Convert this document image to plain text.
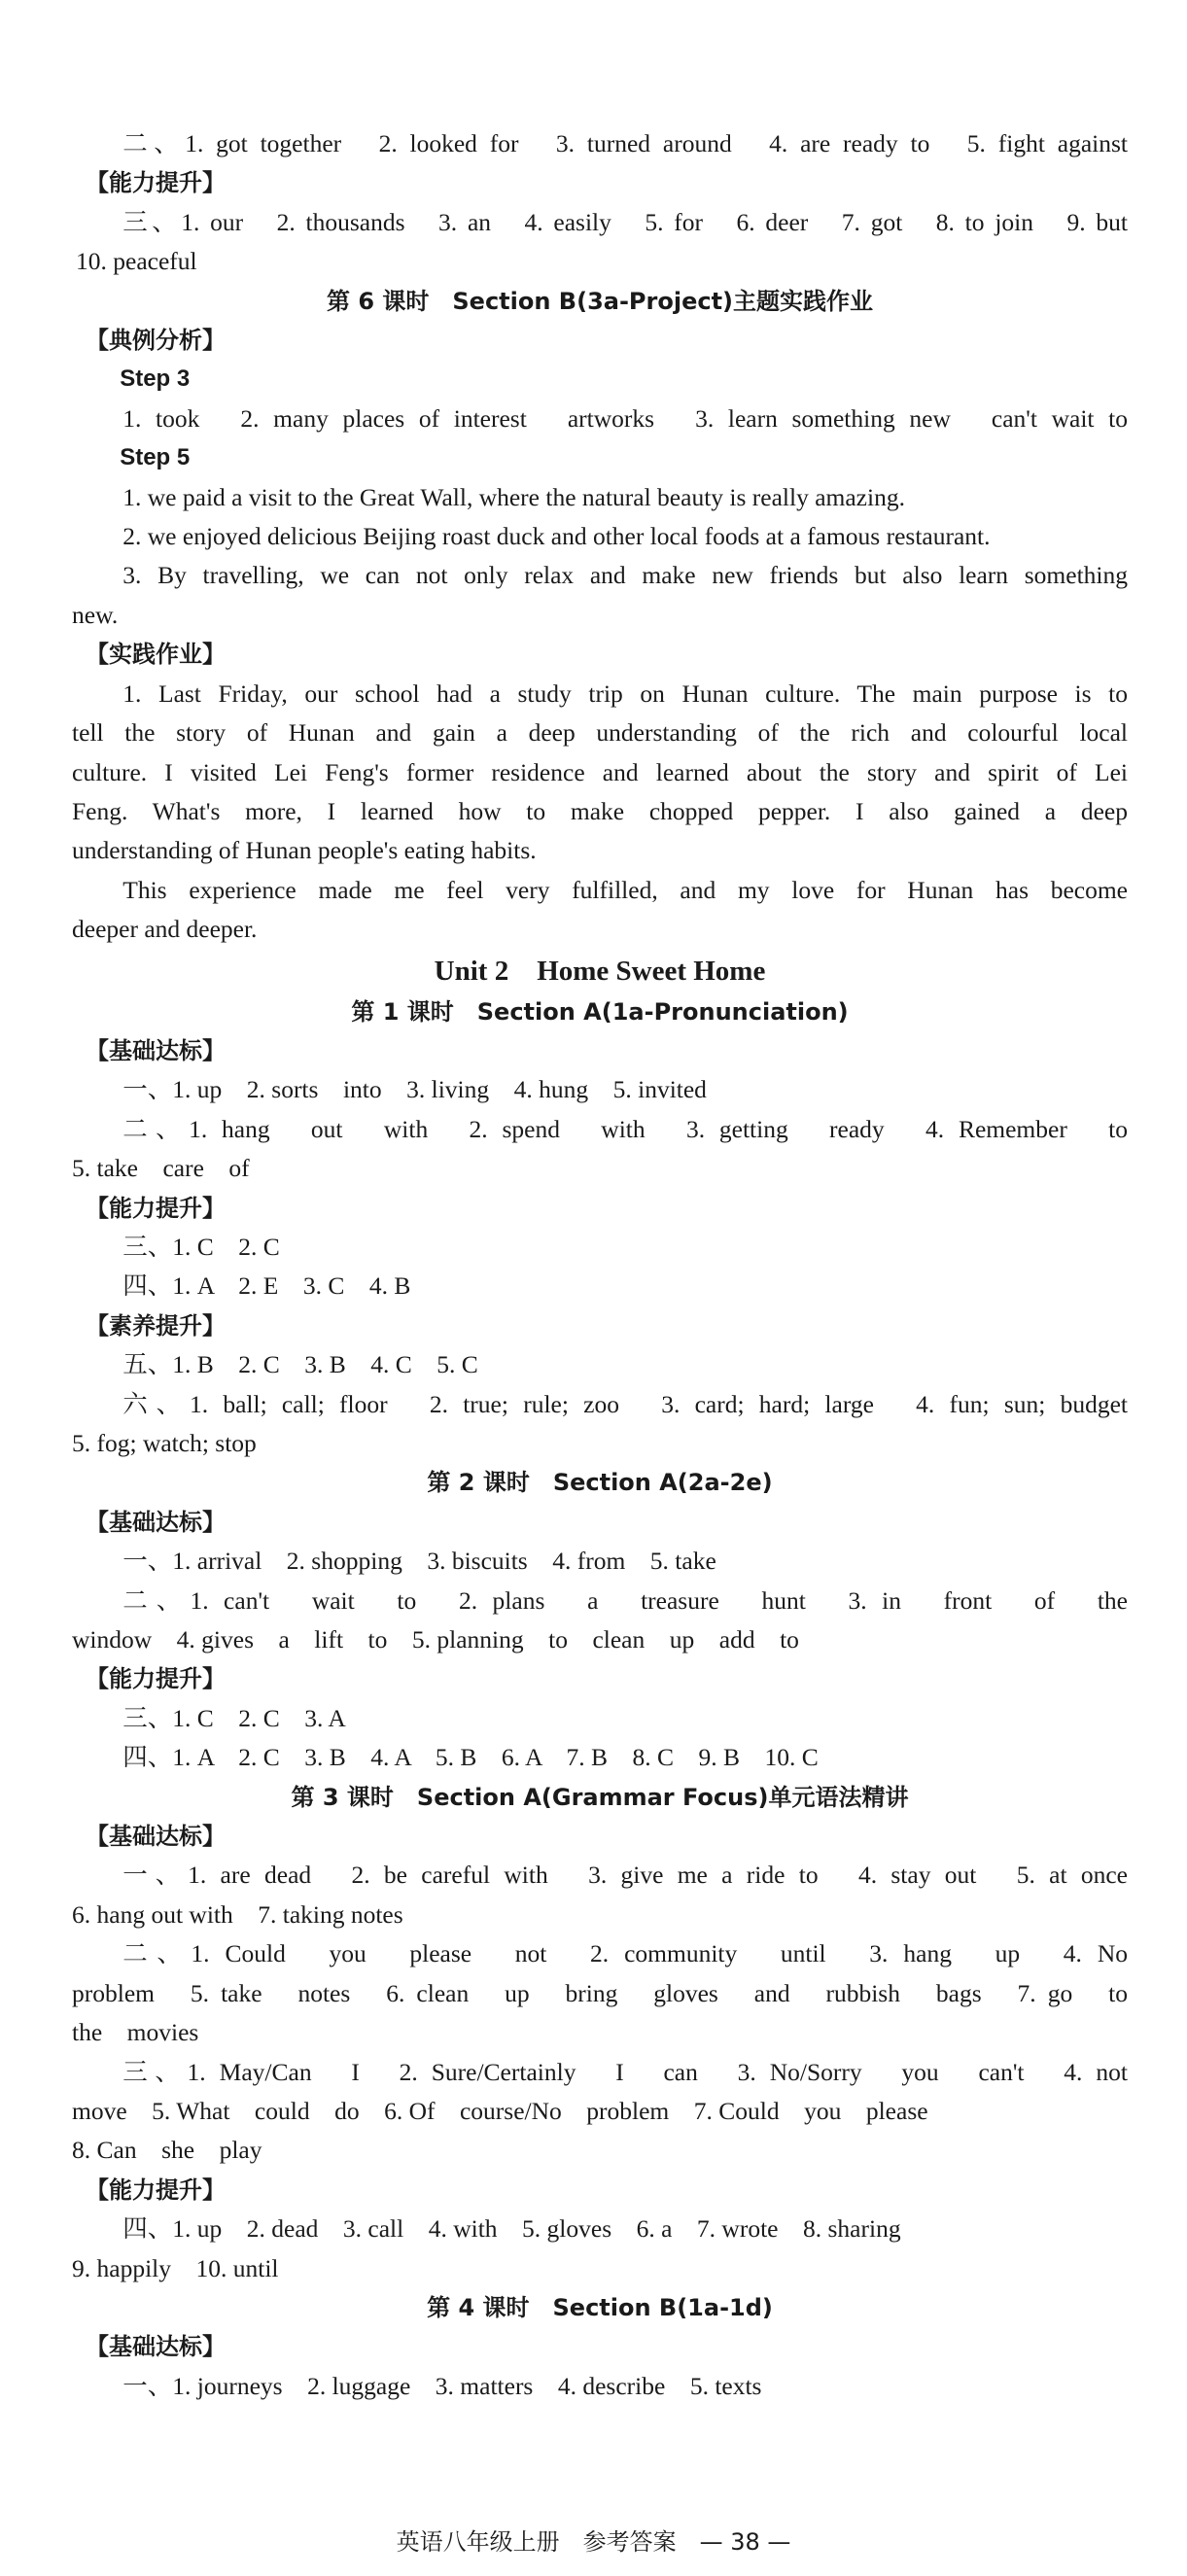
二、1. got together　2. looked for　3. turned around　4. are ready to　5. fight against
【能力提升】
三、1. our　2. thousands　3. an　4. easily　5. for　6. deer　7. got　8. to join　9. but
10. peaceful
第 6 课时　Section B(3a-Project)主题实践作业
【典例分析】
Step 3
1. took　2. many places of interest　artworks　3. learn something new　can't wait to
Step 5
1. we paid a visit to the Great Wall, where the natural beauty is really amazing.
2. we enjoyed delicious Beijing roast duck and other local foods at a famous restaurant.
3. By travelling, we can not only relax and make new friends but also learn something
new.
【实践作业】
1. Last Friday, our school had a study trip on Hunan culture. The main purpose is to
tell the story of Hunan and gain a deep understanding of the rich and colourful local
culture. I visited Lei Feng's former residence and learned about the story and spirit of Lei
Feng. What's more, I learned how to make chopped pepper. I also gained a deep
understanding of Hunan people's eating habits.
This experience made me feel very fulfilled, and my love for Hunan has become
deeper and deeper.
Unit 2　Home Sweet Home
第 1 课时　Section A(1a-Pronunciation)
【基础达标】
一、1. up　2. sorts　into　3. living　4. hung　5. invited
二、1. hang　out　with　2. spend　with　3. getting　ready　4. Remember　to
5. take　care　of
【能力提升】
三、1. C　2. C
四、1. A　2. E　3. C　4. B
【素养提升】
五、1. B　2. C　3. B　4. C　5. C
六、1. ball; call; floor　2. true; rule; zoo　3. card; hard; large　4. fun; sun; budget
5. fog; watch; stop
第 2 课时　Section A(2a-2e)
【基础达标】
一、1. arrival　2. shopping　3. biscuits　4. from　5. take
二、1. can't　wait　to　2. plans　a　treasure　hunt　3. in　front　of　the
window　4. gives　a　lift　to　5. planning　to　clean　up　add　to
【能力提升】
三、1. C　2. C　3. A
四、1. A　2. C　3. B　4. A　5. B　6. A　7. B　8. C　9. B　10. C
第 3 课时　Section A(Grammar Focus)单元语法精讲
【基础达标】
一、1. are dead　2. be careful with　3. give me a ride to　4. stay out　5. at once
6. hang out with　7. taking notes
二、1. Could　you　please　not　2. community　until　3. hang　up　4. No
problem　5. take　notes　6. clean　up　bring　gloves　and　rubbish　bags　7. go　to
the　movies
三、1. May/Can　I　2. Sure/Certainly　I　can　3. No/Sorry　you　can't　4. not
move　5. What　could　do　6. Of　course/No　problem　7. Could　you　please
8. Can　she　play
【能力提升】
四、1. up　2. dead　3. call　4. with　5. gloves　6. a　7. wrote　8. sharing
9. happily　10. until
第 4 课时　Section B(1a-1d)
【基础达标】
一、1. journeys　2. luggage　3. matters　4. describe　5. texts
英语八年级上册　参考答案　— 38 —
